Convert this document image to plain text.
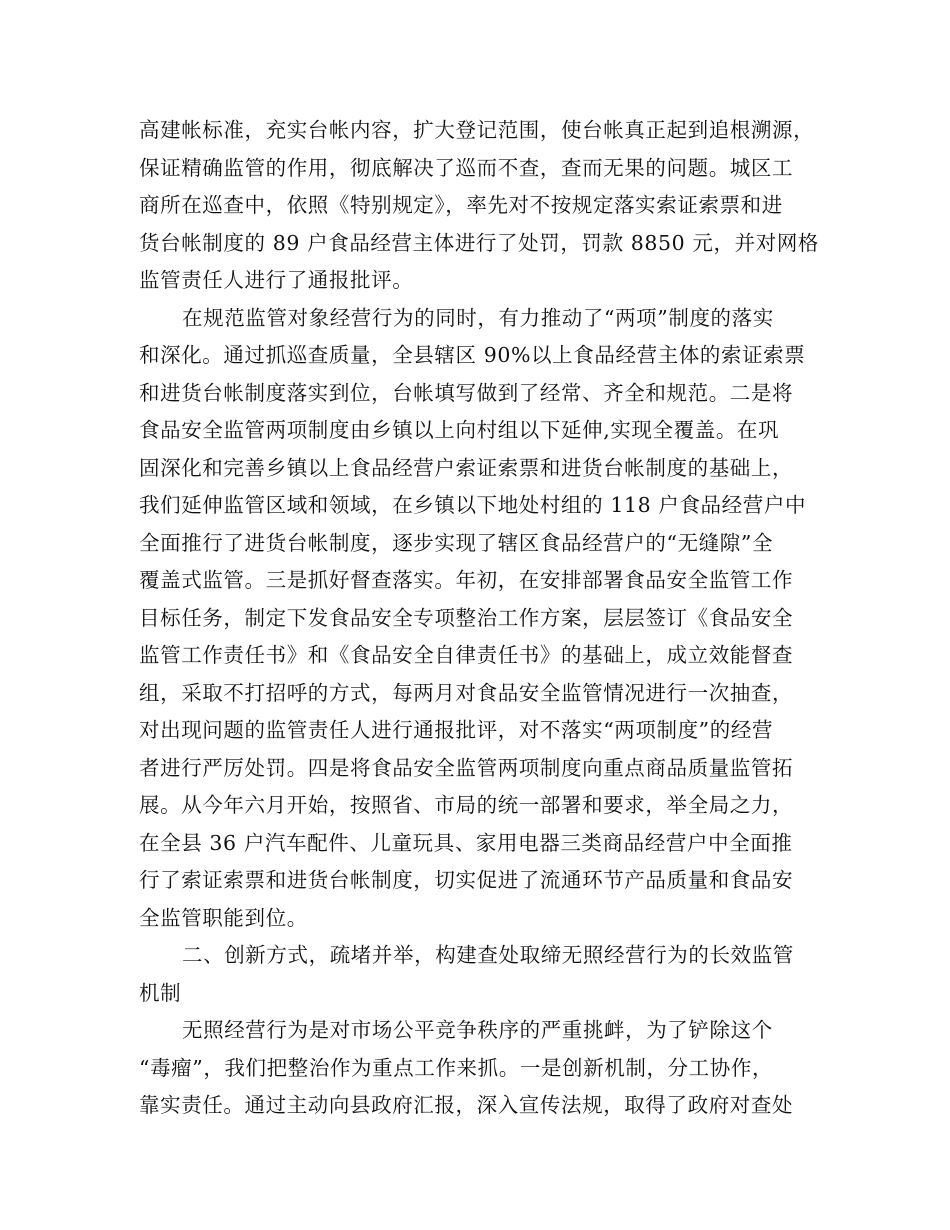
高建帐标准，充实台帐内容，扩大登记范围，使台帐真正起到追根溯源，
保证精确监管的作用，彻底解决了巡而不查，查而无果的问题。城区工
商所在巡查中，依照《特别规定》，率先对不按规定落实索证索票和进
货台帐制度的 89 户食品经营主体进行了处罚，罚款 8850 元，并对网格
监管责任人进行了通报批评。
在规范监管对象经营行为的同时，有力推动了“两项”制度的落实
和深化。通过抓巡查质量，全县辖区 90%以上食品经营主体的索证索票
和进货台帐制度落实到位，台帐填写做到了经常、齐全和规范。二是将
食品安全监管两项制度由乡镇以上向村组以下延伸,实现全覆盖。在巩
固深化和完善乡镇以上食品经营户索证索票和进货台帐制度的基础上，
我们延伸监管区域和领域，在乡镇以下地处村组的 118 户食品经营户中
全面推行了进货台帐制度，逐步实现了辖区食品经营户的“无缝隙”全
覆盖式监管。三是抓好督查落实。年初，在安排部署食品安全监管工作
目标任务，制定下发食品安全专项整治工作方案，层层签订《食品安全
监管工作责任书》和《食品安全自律责任书》的基础上，成立效能督查
组，采取不打招呼的方式，每两月对食品安全监管情况进行一次抽查，
对出现问题的监管责任人进行通报批评，对不落实“两项制度”的经营
者进行严厉处罚。四是将食品安全监管两项制度向重点商品质量监管拓
展。从今年六月开始，按照省、市局的统一部署和要求，举全局之力，
在全县 36 户汽车配件、儿童玩具、家用电器三类商品经营户中全面推
行了索证索票和进货台帐制度，切实促进了流通环节产品质量和食品安
全监管职能到位。
二、创新方式，疏堵并举，构建查处取缔无照经营行为的长效监管
机制
无照经营行为是对市场公平竞争秩序的严重挑衅，为了铲除这个
“毒瘤”，我们把整治作为重点工作来抓。一是创新机制，分工协作，
靠实责任。通过主动向县政府汇报，深入宣传法规，取得了政府对查处
